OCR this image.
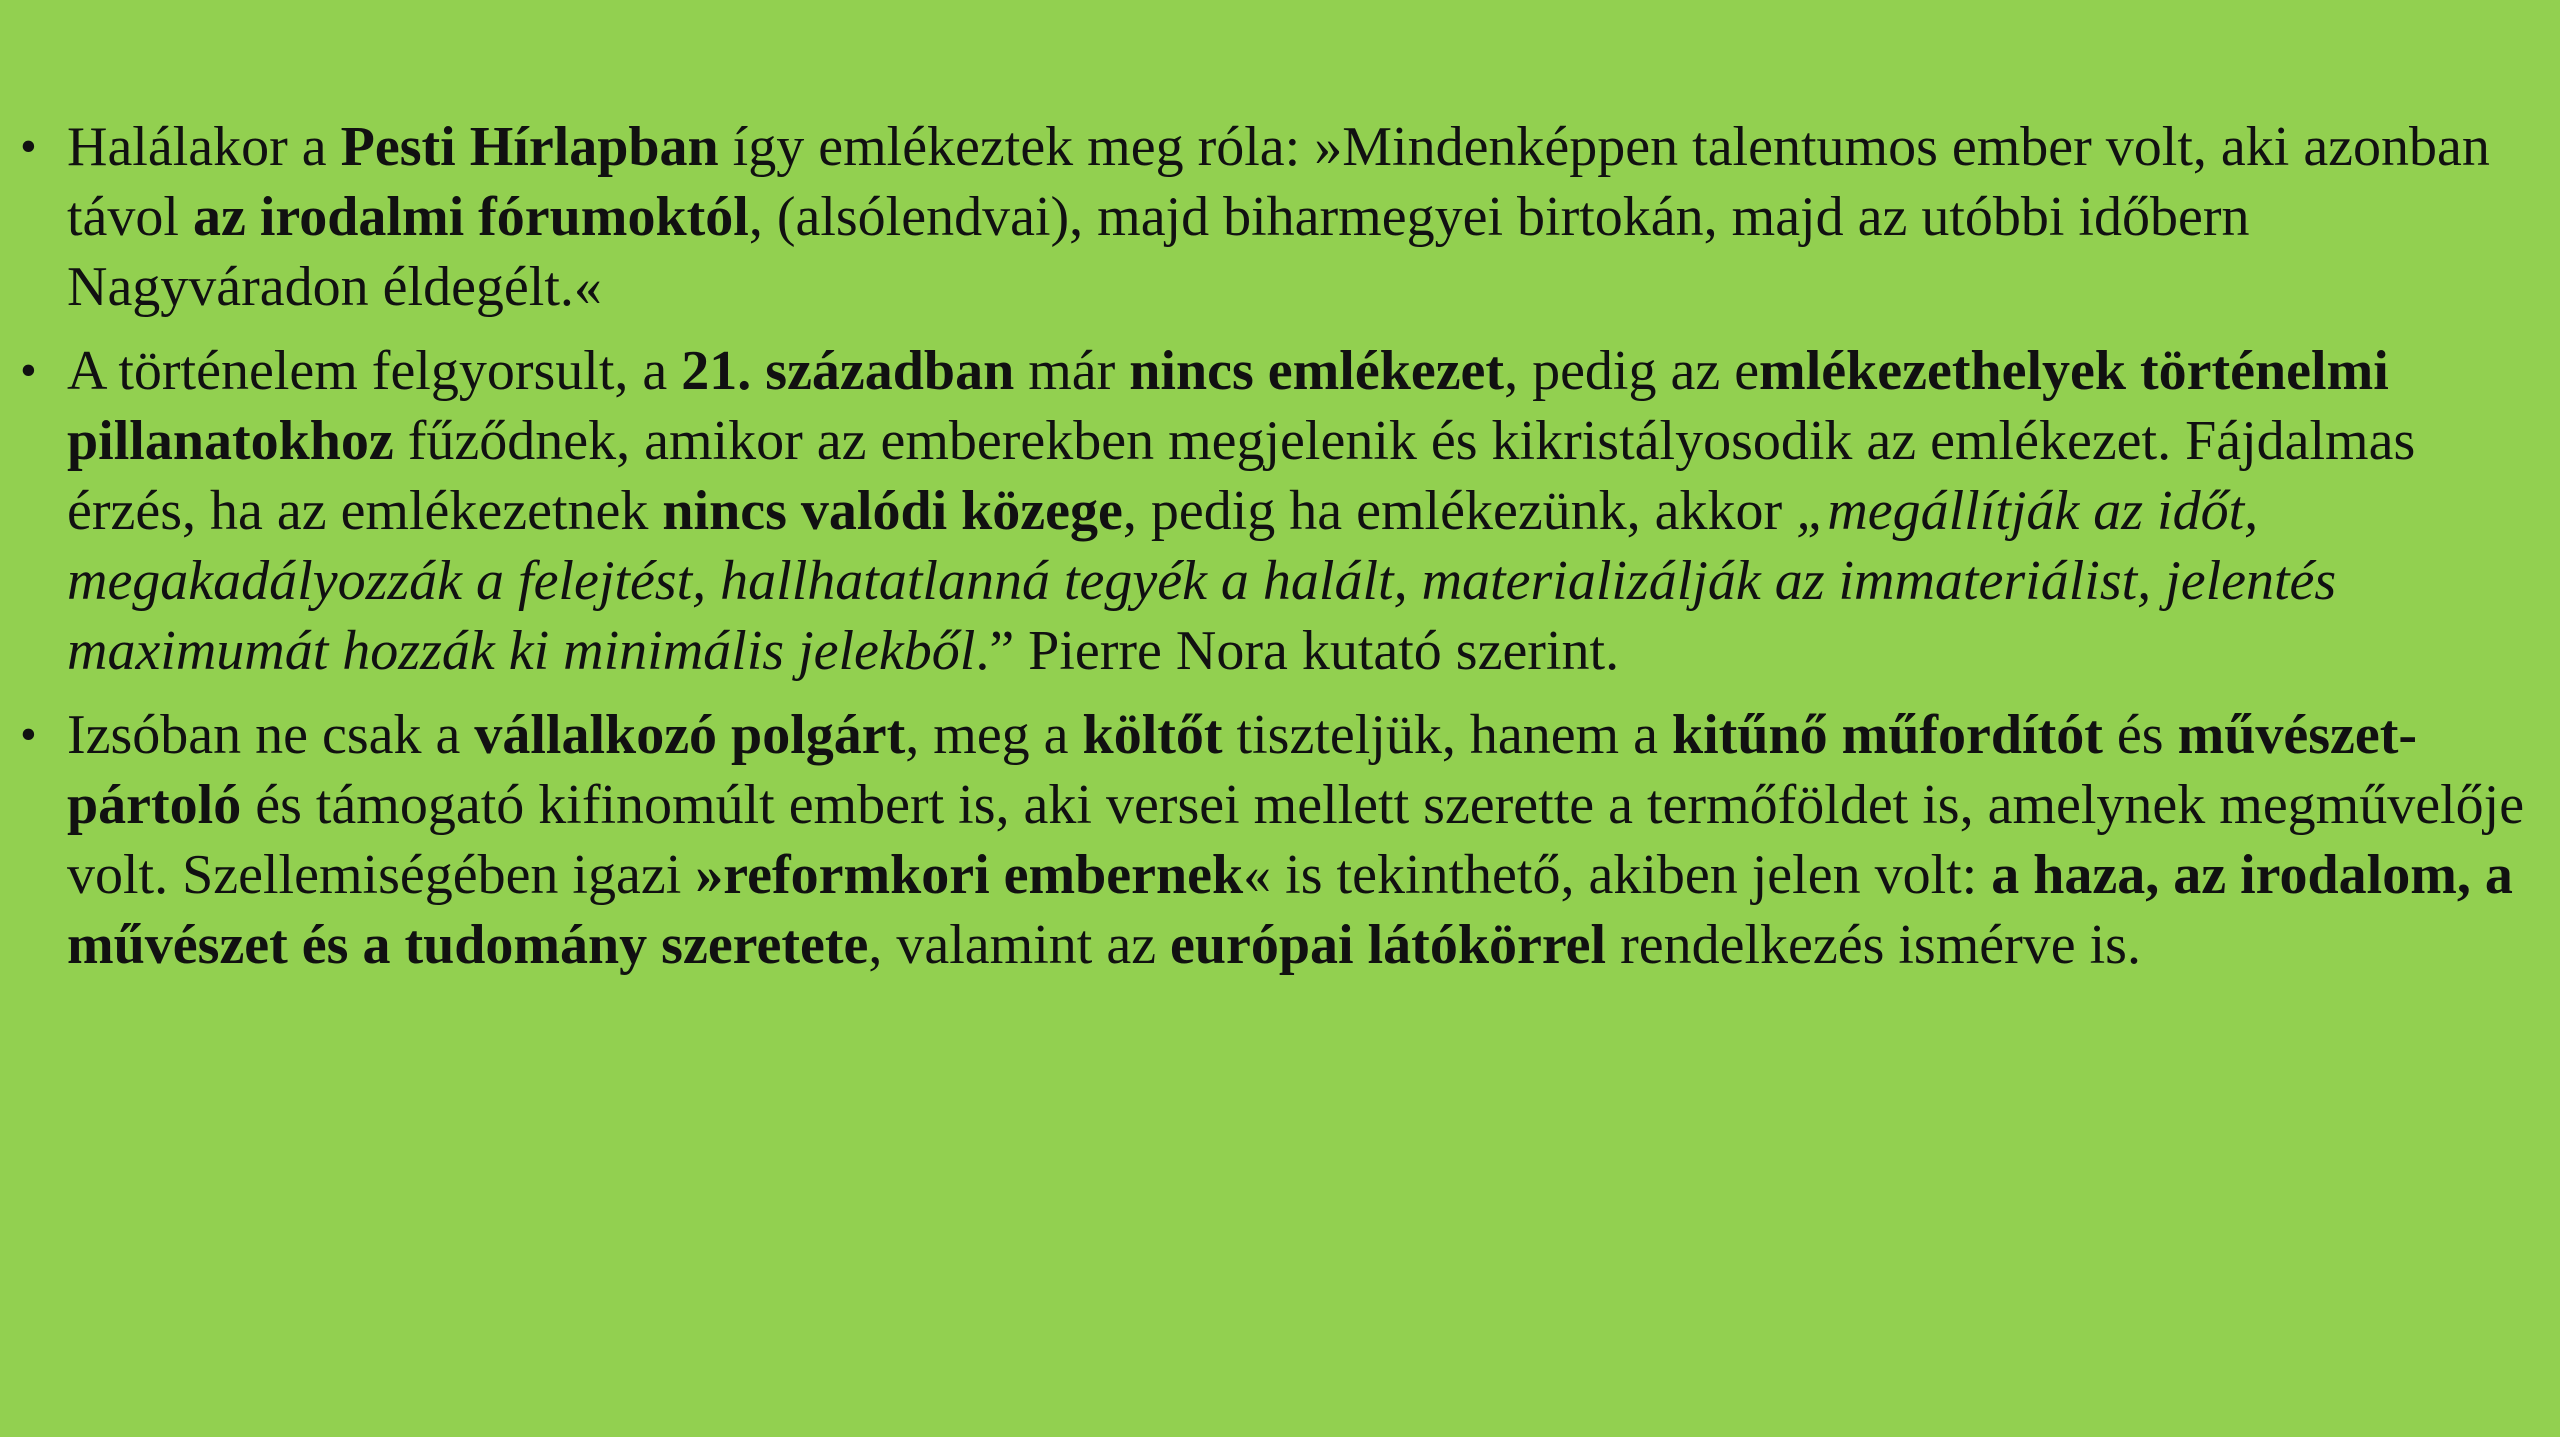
• Halálakor a Pesti Hírlapban így emlékeztek meg róla: »Mindenképpen talentumos ember volt, aki azonban távol az irodalmi fórumoktól, (alsólendvai), majd biharmegyei birtokán, majd az utóbbi időbern Nagyváradon éldegélt.«
• A történelem felgyorsult, a 21. században már nincs emlékezet, pedig az emlékezethelyek történelmi pillanatokhoz fűződnek, amikor az emberekben megjelenik és kikristályosodik az emlékezet. Fájdalmas érzés, ha az emlékezetnek nincs valódi közege, pedig ha emlékezünk, akkor „megállítják az időt, megakadályozzák a felejtést, hallhatatlanná tegyék a halált, materializálják az immateriálist, jelentés maximumát hozzák ki minimális jelekből.” Pierre Nora kutató szerint.
• Izsóban ne csak a vállalkozó polgárt, meg a költőt tiszteljük, hanem a kitűnő műfordítót és művészet-pártoló és támogató kifinomúlt embert is, aki versei mellett szerette a termőföldet is, amelynek megművelője volt. Szellemiségében igazi »reformkori embernek« is tekinthető, akiben jelen volt: a haza, az irodalom, a művészet és a tudomány szeretete, valamint az európai látókörrel rendelkezés ismérve is.
